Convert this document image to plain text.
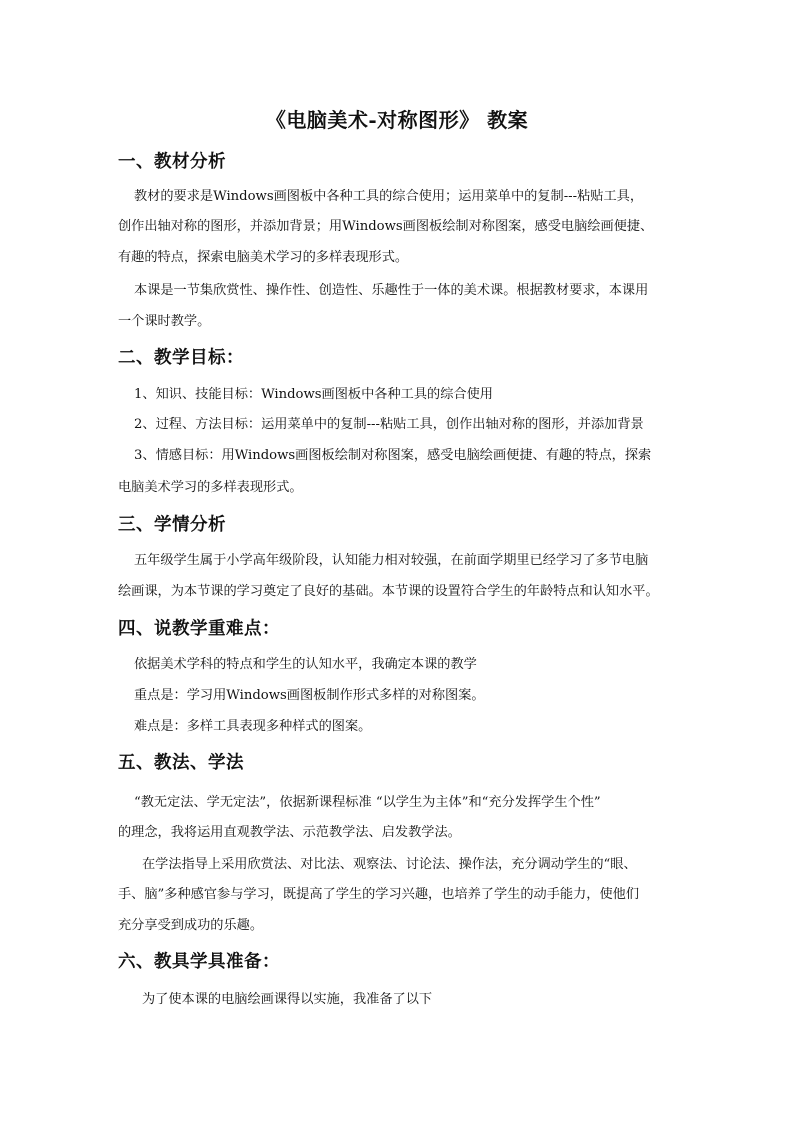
《电脑美术-对称图形》 教案
一、教材分析
教材的要求是Windows画图板中各种工具的综合使用；运用菜单中的复制---粘贴工具，
创作出轴对称的图形，并添加背景；用Windows画图板绘制对称图案，感受电脑绘画便捷、
有趣的特点，探索电脑美术学习的多样表现形式。
本课是一节集欣赏性、操作性、创造性、乐趣性于一体的美术课。根据教材要求，本课用
一个课时教学。
二、教学目标：
1、知识、技能目标：Windows画图板中各种工具的综合使用
2、过程、方法目标：运用菜单中的复制---粘贴工具，创作出轴对称的图形，并添加背景
3、情感目标：用Windows画图板绘制对称图案，感受电脑绘画便捷、有趣的特点，探索
电脑美术学习的多样表现形式。
三、学情分析
五年级学生属于小学高年级阶段，认知能力相对较强，在前面学期里已经学习了多节电脑
绘画课，为本节课的学习奠定了良好的基础。本节课的设置符合学生的年龄特点和认知水平。
四、说教学重难点：
依据美术学科的特点和学生的认知水平，我确定本课的教学
重点是：学习用Windows画图板制作形式多样的对称图案。
难点是：多样工具表现多种样式的图案。
五、教法、学法
“教无定法、学无定法”，依据新课程标准 “以学生为主体”和“充分发挥学生个性”
的理念，我将运用直观教学法、示范教学法、启发教学法。
在学法指导上采用欣赏法、对比法、观察法、讨论法、操作法，充分调动学生的“眼、
手、脑”多种感官参与学习，既提高了学生的学习兴趣，也培养了学生的动手能力，使他们
充分享受到成功的乐趣。
六、教具学具准备：
为了使本课的电脑绘画课得以实施，我准备了以下
